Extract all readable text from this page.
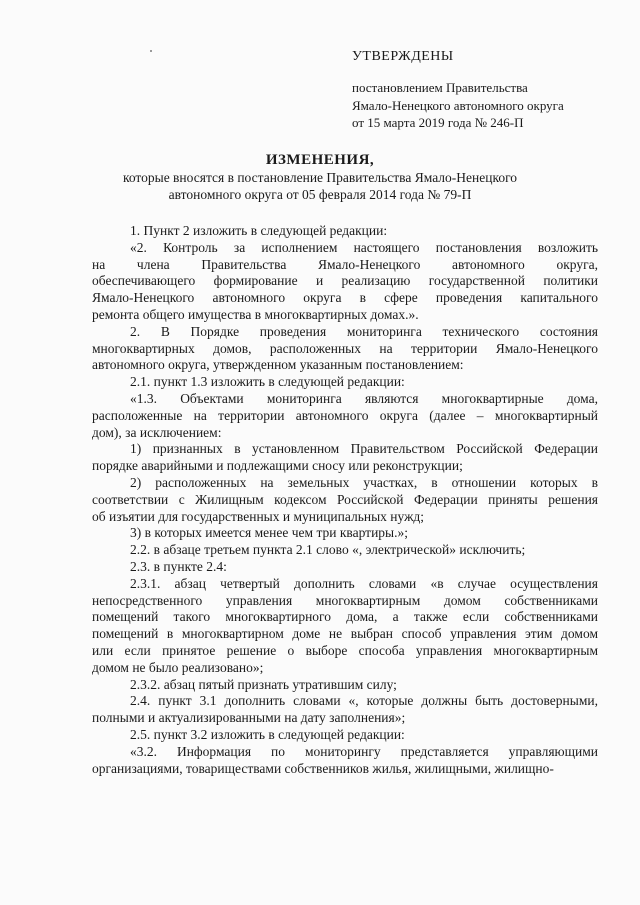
УТВЕРЖДЕНЫ
постановлением Правительства
Ямало-Ненецкого автономного округа
от 15 марта 2019 года № 246-П
ИЗМЕНЕНИЯ,
которые вносятся в постановление Правительства Ямало-Ненецкого
автономного округа от 05 февраля 2014 года № 79-П
1. Пункт 2 изложить в следующей редакции:
«2. Контроль за исполнением настоящего постановления возложить
на члена Правительства Ямало-Ненецкого автономного округа,
обеспечивающего формирование и реализацию государственной политики
Ямало-Ненецкого автономного округа в сфере проведения капитального
ремонта общего имущества в многоквартирных домах.».
2. В Порядке проведения мониторинга технического состояния
многоквартирных домов, расположенных на территории Ямало-Ненецкого
автономного округа, утвержденном указанным постановлением:
2.1. пункт 1.3 изложить в следующей редакции:
«1.3. Объектами мониторинга являются многоквартирные дома,
расположенные на территории автономного округа (далее – многоквартирный
дом), за исключением:
1) признанных в установленном Правительством Российской Федерации
порядке аварийными и подлежащими сносу или реконструкции;
2) расположенных на земельных участках, в отношении которых в
соответствии с Жилищным кодексом Российской Федерации приняты решения
об изъятии для государственных и муниципальных нужд;
3) в которых имеется менее чем три квартиры.»;
2.2. в абзаце третьем пункта 2.1 слово «, электрической» исключить;
2.3. в пункте 2.4:
2.3.1. абзац четвертый дополнить словами «в случае осуществления
непосредственного управления многоквартирным домом собственниками
помещений такого многоквартирного дома, а также если собственниками
помещений в многоквартирном доме не выбран способ управления этим домом
или если принятое решение о выборе способа управления многоквартирным
домом не было реализовано»;
2.3.2. абзац пятый признать утратившим силу;
2.4. пункт 3.1 дополнить словами «, которые должны быть достоверными,
полными и актуализированными на дату заполнения»;
2.5. пункт 3.2 изложить в следующей редакции:
«3.2. Информация по мониторингу представляется управляющими
организациями, товариществами собственников жилья, жилищными, жилищно-
